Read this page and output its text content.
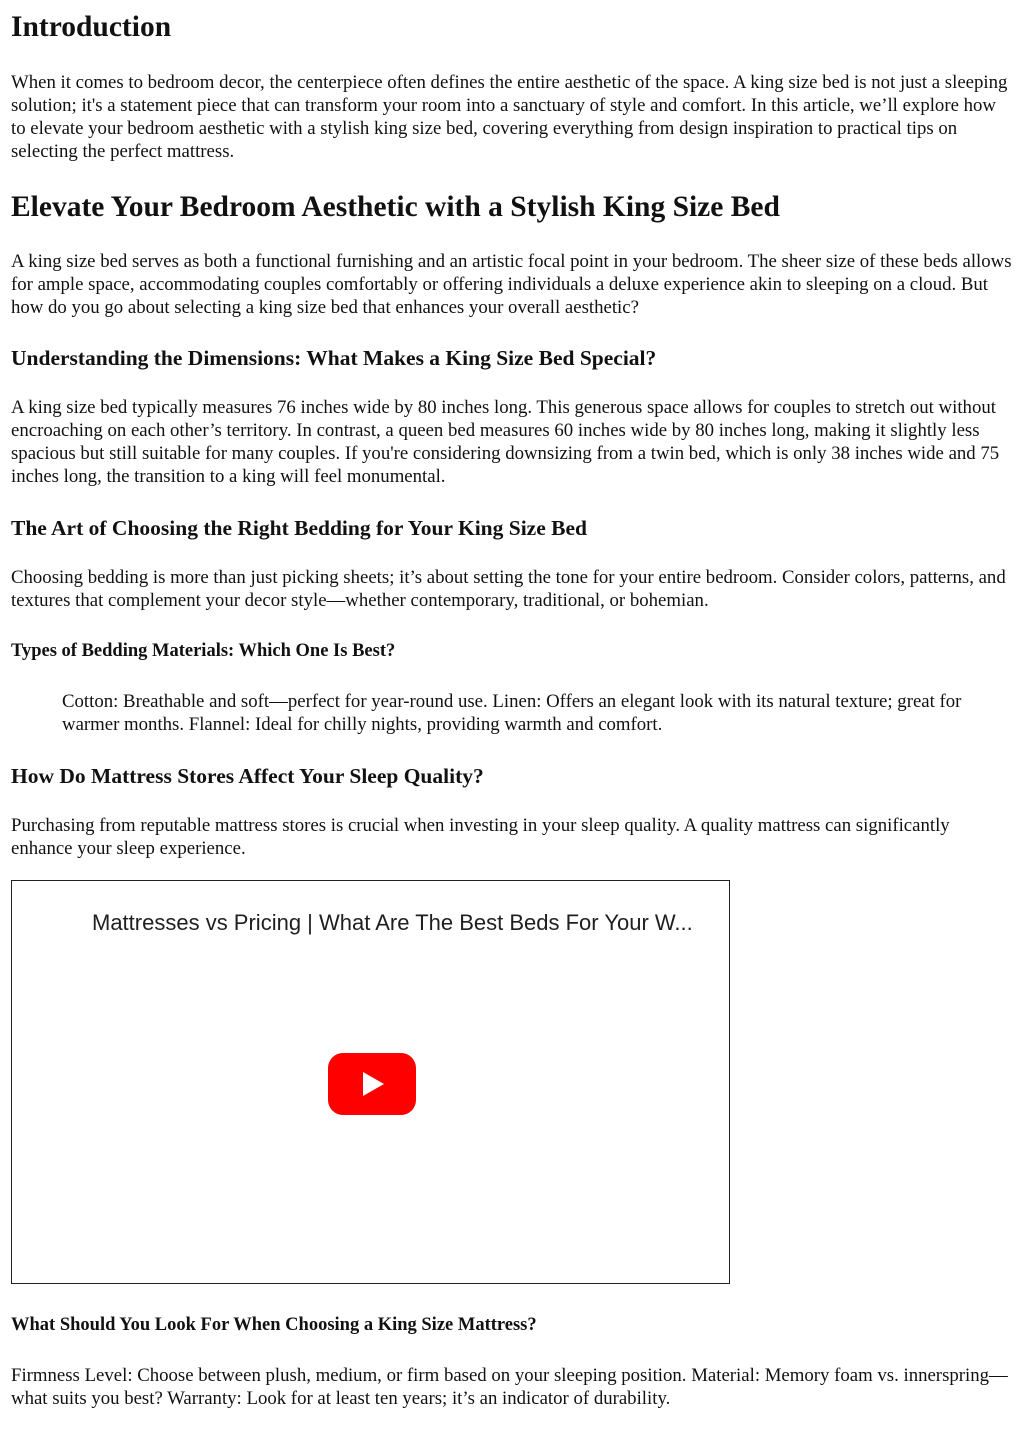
Introduction

When it comes to bedroom decor, the centerpiece often defines the entire aesthetic of the space. A king size bed is not just a sleeping solution; it's a statement piece that can transform your room into a sanctuary of style and comfort. In this article, we’ll explore how to elevate your bedroom aesthetic with a stylish king size bed, covering everything from design inspiration to practical tips on selecting the perfect mattress.

Elevate Your Bedroom Aesthetic with a Stylish King Size Bed

A king size bed serves as both a functional furnishing and an artistic focal point in your bedroom. The sheer size of these beds allows for ample space, accommodating couples comfortably or offering individuals a deluxe experience akin to sleeping on a cloud. But how do you go about selecting a king size bed that enhances your overall aesthetic?

Understanding the Dimensions: What Makes a King Size Bed Special?

A king size bed typically measures 76 inches wide by 80 inches long. This generous space allows for couples to stretch out without encroaching on each other’s territory. In contrast, a queen bed measures 60 inches wide by 80 inches long, making it slightly less spacious but still suitable for many couples. If you're considering downsizing from a twin bed, which is only 38 inches wide and 75 inches long, the transition to a king will feel monumental.

The Art of Choosing the Right Bedding for Your King Size Bed

Choosing bedding is more than just picking sheets; it’s about setting the tone for your entire bedroom. Consider colors, patterns, and textures that complement your decor style—whether contemporary, traditional, or bohemian.

Types of Bedding Materials: Which One Is Best?

Cotton: Breathable and soft—perfect for year-round use. Linen: Offers an elegant look with its natural texture; great for warmer months. Flannel: Ideal for chilly nights, providing warmth and comfort.

How Do Mattress Stores Affect Your Sleep Quality?

Purchasing from reputable mattress stores is crucial when investing in your sleep quality. A quality mattress can significantly enhance your sleep experience.

Mattresses vs Pricing | What Are The Best Beds For Your W...
What Should You Look For When Choosing a King Size Mattress?

Firmness Level: Choose between plush, medium, or firm based on your sleeping position. Material: Memory foam vs. innerspring—what suits you best? Warranty: Look for at least ten years; it’s an indicator of durability.
